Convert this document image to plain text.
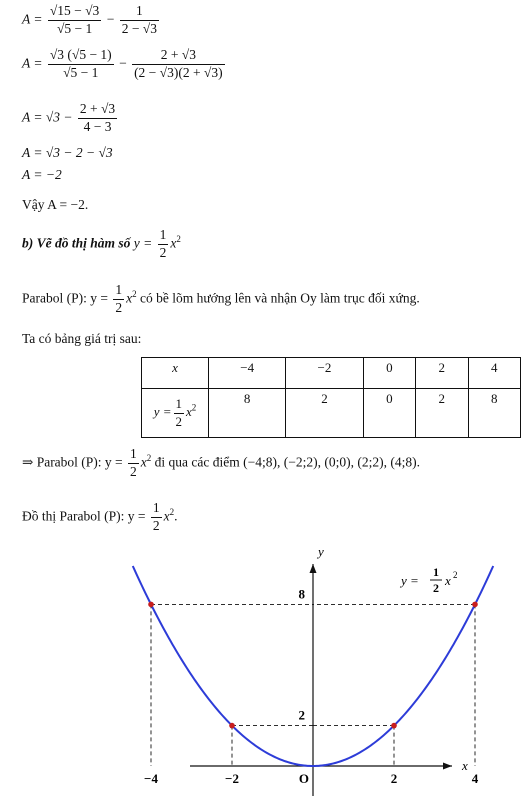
$A = \frac{√15 - √3}{√5 - 1} - \frac{1}{2 - √3}$
$A = \frac{√3 (√5 - 1)}{√5 - 1} - \frac{2 + √3}{(2 - √3)(2 + √3)}$
$A = √3 - \frac{2 + √3}{4 - 3}$
A = √3 − 2 − √3
A = −2
Vậy A = −2.
b) Vẽ đồ thị hàm số $y = \frac{1}{2} x^2$
Parabol (P): $y = \frac{1}{2} x^2$ có bề lõm hướng lên và nhận Oy làm trục đối xứng.
Ta có bảng giá trị sau:
x	−4	−2	0	2	4
$y = \frac{1}{2} x^2$	8	2	0	2	8
⇒ Parabol (P): $y = \frac{1}{2} x^2$ đi qua các điểm (−4;8), (−2;2), (0;0), (2;2), (4;8).
Đồ thị Parabol (P): $y = \frac{1}{2} x^2$.
−4	−2	2	4
2
8
O
x
y
y =
1
2 x 2
